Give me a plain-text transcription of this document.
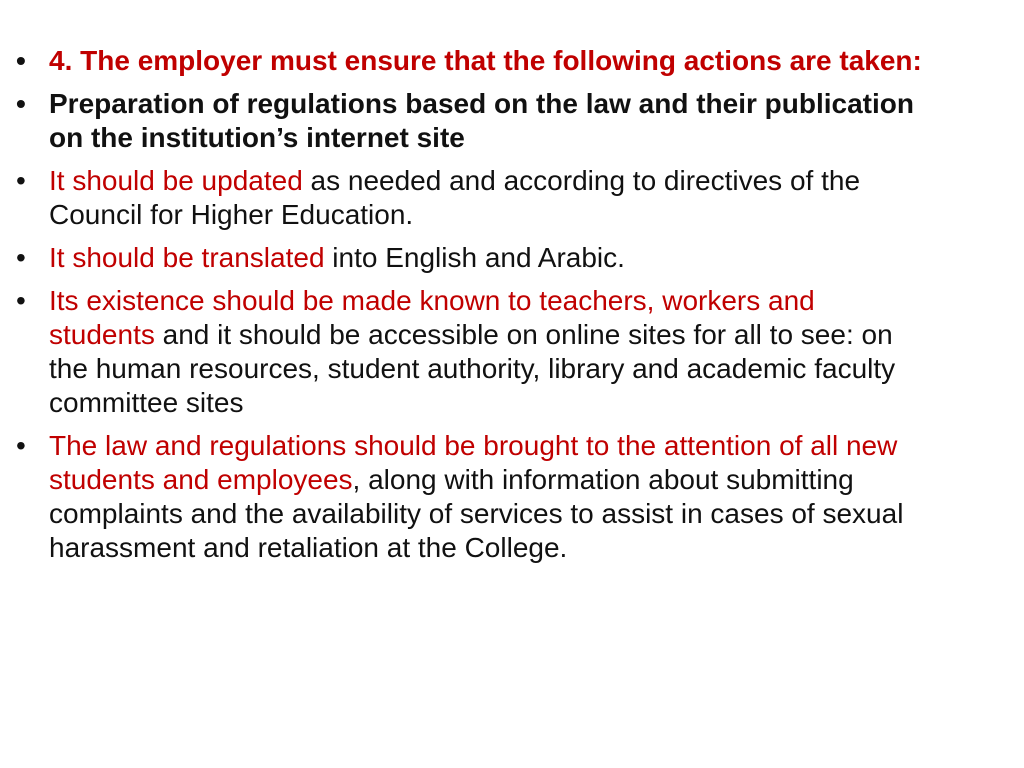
• 4. The employer must ensure that the following actions are taken:
• Preparation of regulations based on the law and their publication on the institution’s internet site
• It should be updated as needed and according to directives of the Council for Higher Education.
• It should be translated into English and Arabic.
• Its existence should be made known to teachers, workers and students and it should be accessible on online sites for all to see: on the human resources, student authority, library and academic faculty committee sites
• The law and regulations should be brought to the attention of all new students and employees, along with information about submitting complaints and the availability of services to assist in cases of sexual harassment and retaliation at the College.
